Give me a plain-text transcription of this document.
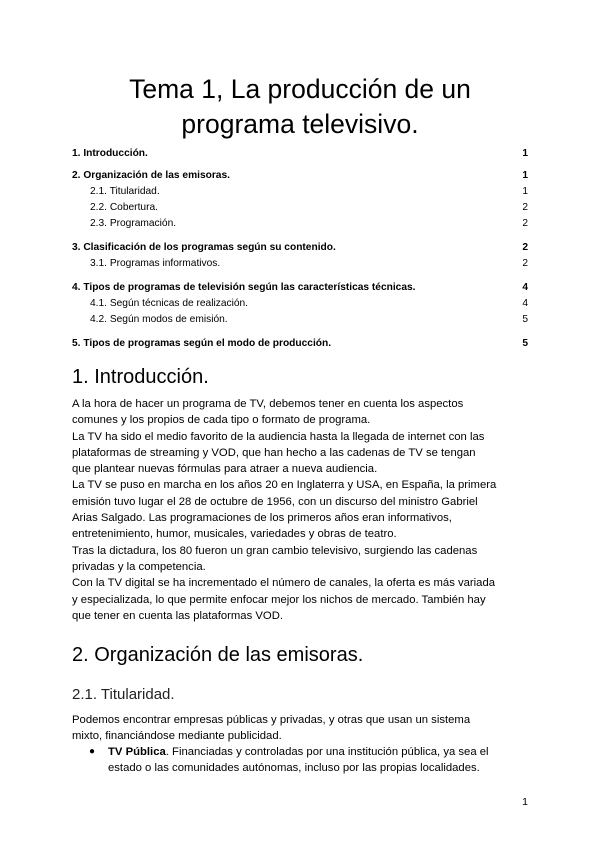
Tema 1, La producción de un
programa televisivo.
1. Introducción.	1
2. Organización de las emisoras.	1
2.1. Titularidad.	1
2.2. Cobertura.	2
2.3. Programación.	2
3. Clasificación de los programas según su contenido.	2
3.1. Programas informativos.	2
4. Tipos de programas de televisión según las características técnicas.	4
4.1. Según técnicas de realización.	4
4.2. Según modos de emisión.	5
5. Tipos de programas según el modo de producción.	5
1. Introducción.

A la hora de hacer un programa de TV, debemos tener en cuenta los aspectos
comunes y los propios de cada tipo o formato de programa.
La TV ha sido el medio favorito de la audiencia hasta la llegada de internet con las
plataformas de streaming y VOD, que han hecho a las cadenas de TV se tengan
que plantear nuevas fórmulas para atraer a nueva audiencia.
La TV se puso en marcha en los años 20 en Inglaterra y USA, en España, la primera
emisión tuvo lugar el 28 de octubre de 1956, con un discurso del ministro Gabriel
Arias Salgado. Las programaciones de los primeros años eran informativos,
entretenimiento, humor, musicales, variedades y obras de teatro.
Tras la dictadura, los 80 fueron un gran cambio televisivo, surgiendo las cadenas
privadas y la competencia.
Con la TV digital se ha incrementado el número de canales, la oferta es más variada
y especializada, lo que permite enfocar mejor los nichos de mercado. También hay
que tener en cuenta las plataformas VOD.

2. Organización de las emisoras.
2.1. Titularidad.

Podemos encontrar empresas públicas y privadas, y otras que usan un sistema
mixto, financiándose mediante publicidad.

● TV Pública. Financiadas y controladas por una institución pública, ya sea el
estado o las comunidades autónomas, incluso por las propias localidades.
1
